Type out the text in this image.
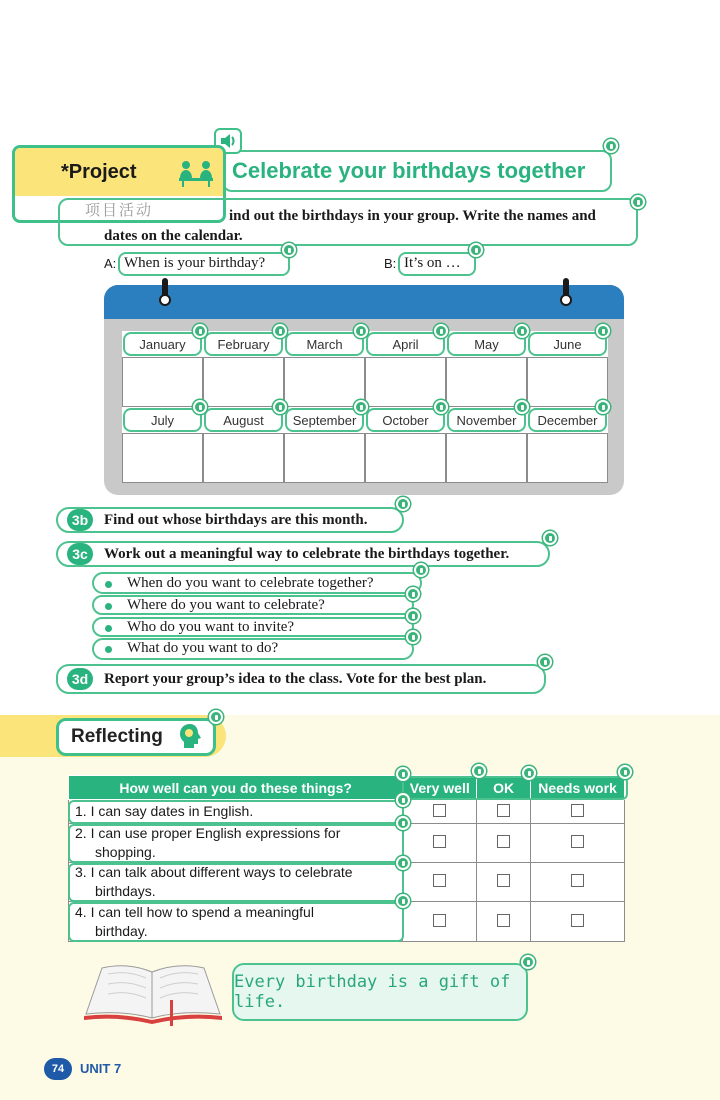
*Project
项目活动
Celebrate your birthdays together
ind out the birthdays in your group. Write the names and
dates on the calendar.
A: When is your birthday?	B: It’s on …
January	February	March	April	May	June
July	August	September	October	November	December
3b	Find out whose birthdays are this month.
3c	Work out a meaningful way to celebrate the birthdays together.
When do you want to celebrate together?
Where do you want to celebrate?
Who do you want to invite?
What do you want to do?
3d	Report your group’s idea to the class. Vote for the best plan.
Reflecting
How well can you do these things?	Very well	OK	Needs work
1. I can say dates in English.			
2. I can use proper English expressions for
shopping.			
3. I can talk about different ways to celebrate
birthdays.			
4. I can tell how to spend a meaningful
birthday.			
Every birthday is a gift of life.
74	UNIT 7
